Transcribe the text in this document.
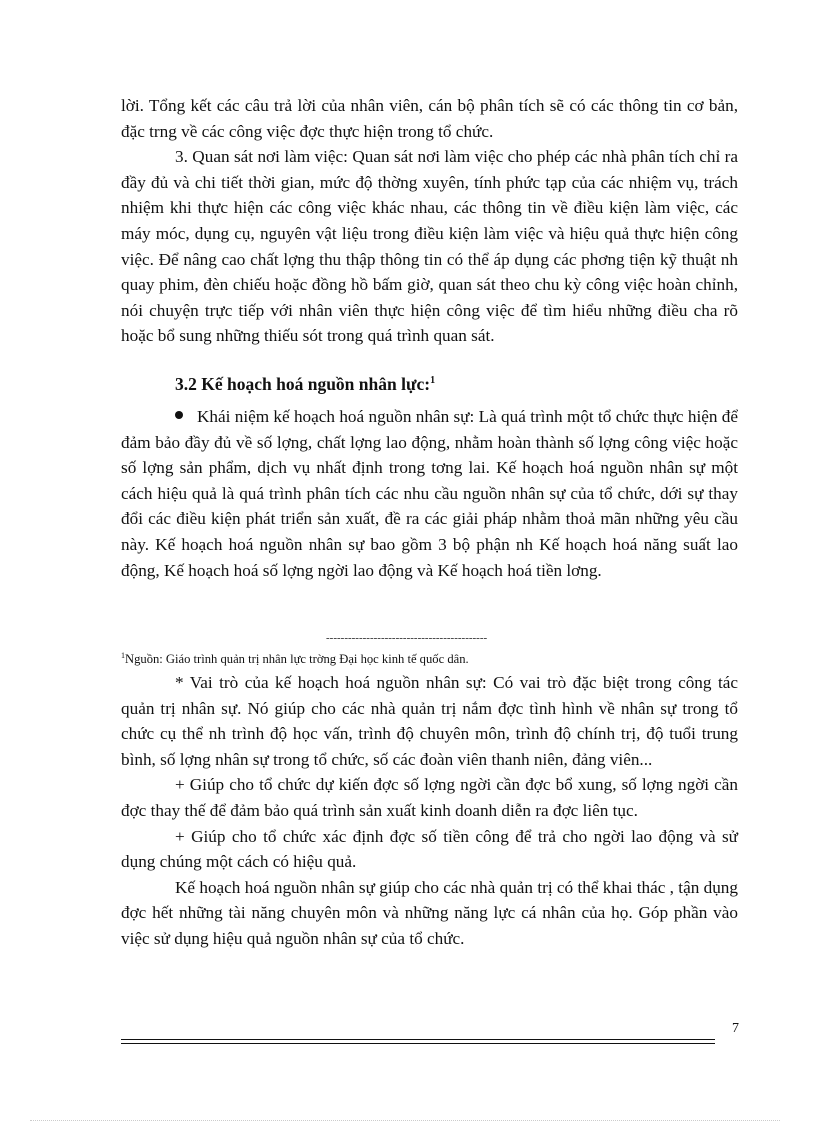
lời. Tổng kết các câu trả lời của nhân viên, cán bộ phân tích sẽ có các thông tin cơ bản, đặc trng về các công việc đợc thực hiện trong tổ chức.

3. Quan sát nơi làm việc: Quan sát nơi làm việc cho phép các nhà phân tích chỉ ra đầy đủ và chi tiết thời gian, mức độ thờng xuyên, tính phức tạp của các nhiệm vụ, trách nhiệm khi thực hiện các công việc khác nhau, các thông tin về điều kiện làm việc, các máy móc, dụng cụ, nguyên vật liệu trong điều kiện làm việc và hiệu quả thực hiện công việc. Để nâng cao chất lợng thu thập thông tin có thể áp dụng các phơng tiện kỹ thuật nh quay phim, đèn chiếu hoặc đồng hồ bấm giờ, quan sát theo chu kỳ công việc hoàn chỉnh, nói chuyện trực tiếp với nhân viên thực hiện công việc để tìm hiểu những điều cha rõ hoặc bổ sung những thiếu sót trong quá trình quan sát.

3.2 Kế hoạch hoá nguồn nhân lực:$^1$

Khái niệm kế hoạch hoá nguồn nhân sự: Là quá trình một tổ chức thực hiện để đảm bảo đầy đủ về số lợng, chất lợng lao động, nhằm hoàn thành số lợng công việc hoặc số lợng sản phẩm, dịch vụ nhất định trong tơng lai. Kế hoạch hoá nguồn nhân sự một cách hiệu quả là quá trình phân tích các nhu cầu nguồn nhân sự của tổ chức, dới sự thay đổi các điều kiện phát triển sản xuất, đề ra các giải pháp nhằm thoả mãn những yêu cầu này. Kế hoạch hoá nguồn nhân sự bao gồm 3 bộ phận nh Kế hoạch hoá năng suất lao động, Kế hoạch hoá số lợng ngời lao động và Kế hoạch hoá tiền lơng.

--------------------------------------------
$^1$Nguồn: Giáo trình quản trị nhân lực trờng Đại học kinh tế quốc dân.

* Vai trò của kế hoạch hoá nguồn nhân sự: Có vai trò đặc biệt trong công tác quản trị nhân sự. Nó giúp cho các nhà quản trị nắm đợc tình hình về nhân sự trong tổ chức cụ thể nh trình độ học vấn, trình độ chuyên môn, trình độ chính trị, độ tuổi trung bình, số lợng nhân sự trong tổ chức, số các đoàn viên thanh niên, đảng viên...

+ Giúp cho tổ chức dự kiến đợc số lợng ngời cần đợc bổ xung, số lợng ngời cần đợc thay thế để đảm bảo quá trình sản xuất kinh doanh diễn ra đợc liên tục.

+ Giúp cho tổ chức xác định đợc số tiền công để trả cho ngời lao động và sử dụng chúng một cách có hiệu quả.

Kế hoạch hoá nguồn nhân sự giúp cho các nhà quản trị có thể khai thác , tận dụng đợc hết những tài năng chuyên môn và những năng lực cá nhân của họ. Góp phần vào việc sử dụng hiệu quả nguồn nhân sự của tổ chức.

7
